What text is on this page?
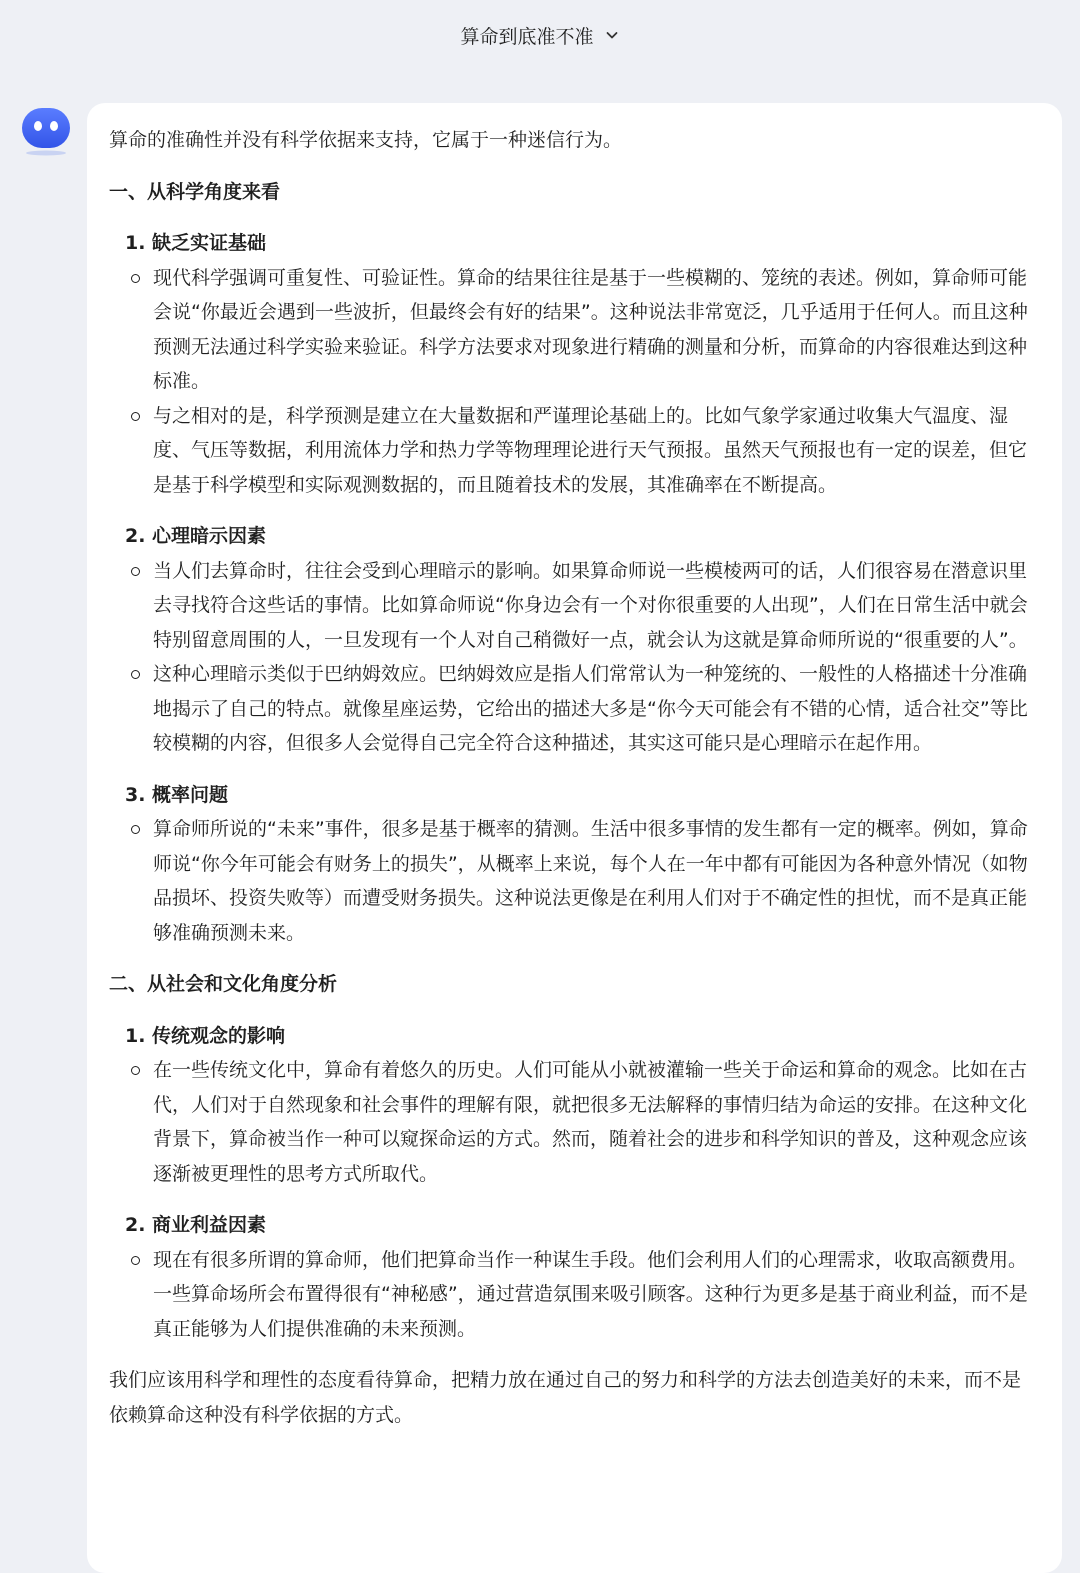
算命到底准不准

算命的准确性并没有科学依据来支持，它属于一种迷信行为。

一、从科学角度来看
1. 缺乏实证基础
现代科学强调可重复性、可验证性。算命的结果往往是基于一些模糊的、笼统的表述。例如，算命师可能会说“你最近会遇到一些波折，但最终会有好的结果”。这种说法非常宽泛，几乎适用于任何人。而且这种预测无法通过科学实验来验证。科学方法要求对现象进行精确的测量和分析，而算命的内容很难达到这种标准。
与之相对的是，科学预测是建立在大量数据和严谨理论基础上的。比如气象学家通过收集大气温度、湿度、气压等数据，利用流体力学和热力学等物理理论进行天气预报。虽然天气预报也有一定的误差，但它是基于科学模型和实际观测数据的，而且随着技术的发展，其准确率在不断提高。
2. 心理暗示因素
当人们去算命时，往往会受到心理暗示的影响。如果算命师说一些模棱两可的话，人们很容易在潜意识里去寻找符合这些话的事情。比如算命师说“你身边会有一个对你很重要的人出现”，人们在日常生活中就会特别留意周围的人，一旦发现有一个人对自己稍微好一点，就会认为这就是算命师所说的“很重要的人”。
这种心理暗示类似于巴纳姆效应。巴纳姆效应是指人们常常认为一种笼统的、一般性的人格描述十分准确地揭示了自己的特点。就像星座运势，它给出的描述大多是“你今天可能会有不错的心情，适合社交”等比较模糊的内容，但很多人会觉得自己完全符合这种描述，其实这可能只是心理暗示在起作用。
3. 概率问题
算命师所说的“未来”事件，很多是基于概率的猜测。生活中很多事情的发生都有一定的概率。例如，算命师说“你今年可能会有财务上的损失”，从概率上来说，每个人在一年中都有可能因为各种意外情况（如物品损坏、投资失败等）而遭受财务损失。这种说法更像是在利用人们对于不确定性的担忧，而不是真正能够准确预测未来。
二、从社会和文化角度分析
1. 传统观念的影响
在一些传统文化中，算命有着悠久的历史。人们可能从小就被灌输一些关于命运和算命的观念。比如在古代，人们对于自然现象和社会事件的理解有限，就把很多无法解释的事情归结为命运的安排。在这种文化背景下，算命被当作一种可以窥探命运的方式。然而，随着社会的进步和科学知识的普及，这种观念应该逐渐被更理性的思考方式所取代。
2. 商业利益因素
现在有很多所谓的算命师，他们把算命当作一种谋生手段。他们会利用人们的心理需求，收取高额费用。一些算命场所会布置得很有“神秘感”，通过营造氛围来吸引顾客。这种行为更多是基于商业利益，而不是真正能够为人们提供准确的未来预测。

我们应该用科学和理性的态度看待算命，把精力放在通过自己的努力和科学的方法去创造美好的未来，而不是依赖算命这种没有科学依据的方式。
